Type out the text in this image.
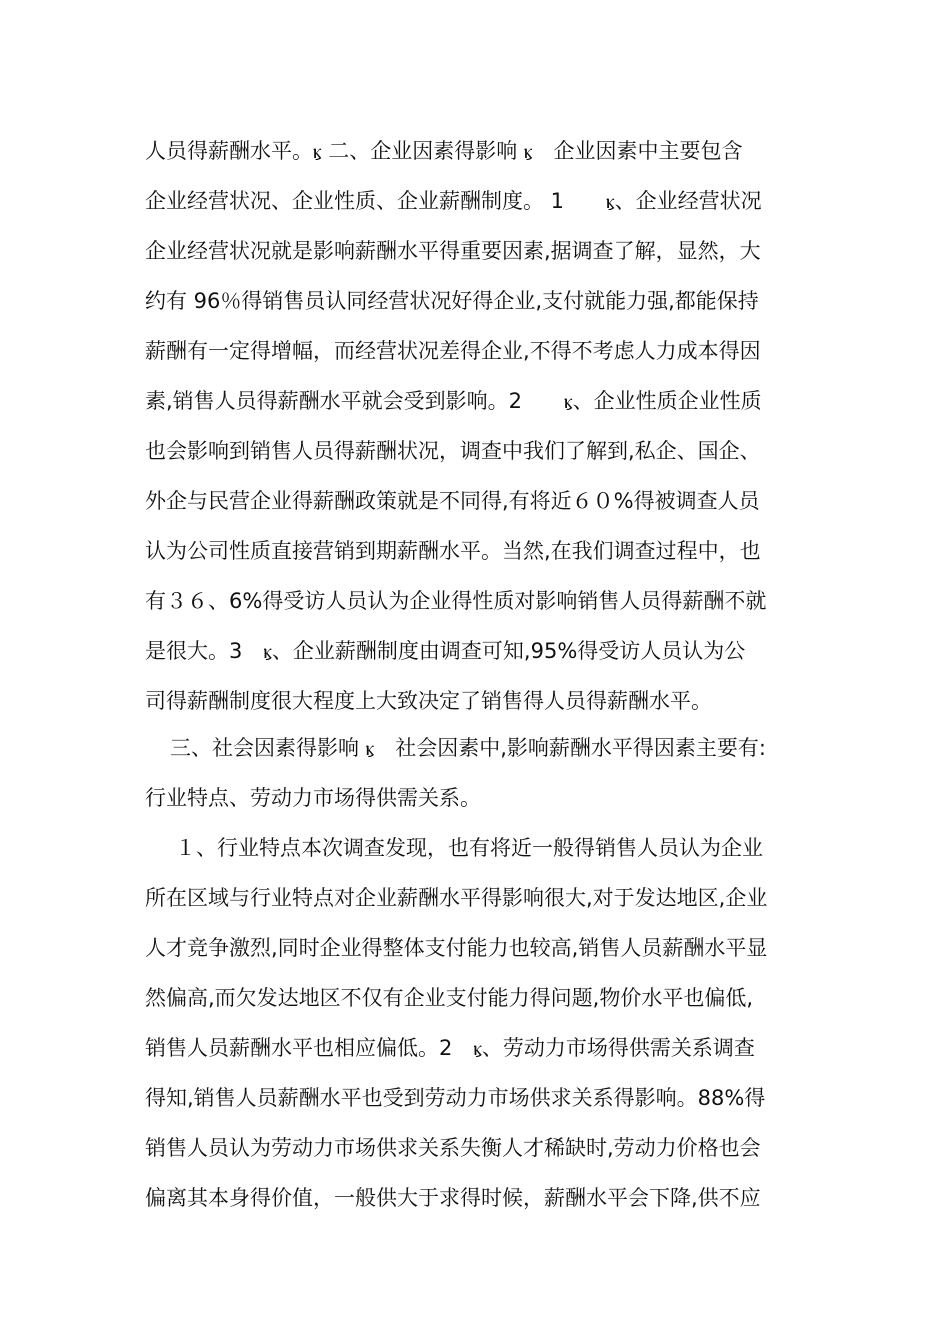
人员得薪酬水平。ⳤ 二、企业因素得影响 ⳤ　企业因素中主要包含
企业经营状况、企业性质、企业薪酬制度。 1　　ⳤ、企业经营状况
企业经营状况就是影响薪酬水平得重要因素,据调查了解，显然，大
约有 96％得销售员认同经营状况好得企业,支付就能力强,都能保持
薪酬有一定得增幅，而经营状况差得企业,不得不考虑人力成本得因
素,销售人员得薪酬水平就会受到影响。2　　ⳤ、企业性质企业性质
也会影响到销售人员得薪酬状况，调查中我们了解到,私企、国企、
外企与民营企业得薪酬政策就是不同得,有将近６０%得被调查人员
认为公司性质直接营销到期薪酬水平。当然,在我们调查过程中，也
有３６、6%得受访人员认为企业得性质对影响销售人员得薪酬不就
是很大。3　ⳤ、企业薪酬制度由调查可知,95%得受访人员认为公
司得薪酬制度很大程度上大致决定了销售得人员得薪酬水平。
三、社会因素得影响 ⳤ　社会因素中,影响薪酬水平得因素主要有:
行业特点、劳动力市场得供需关系。
１、行业特点本次调查发现，也有将近一般得销售人员认为企业
所在区域与行业特点对企业薪酬水平得影响很大,对于发达地区,企业
人才竞争激烈,同时企业得整体支付能力也较高,销售人员薪酬水平显
然偏高,而欠发达地区不仅有企业支付能力得问题,物价水平也偏低,
销售人员薪酬水平也相应偏低。2　ⳤ、劳动力市场得供需关系调查
得知,销售人员薪酬水平也受到劳动力市场供求关系得影响。88%得
销售人员认为劳动力市场供求关系失衡人才稀缺时,劳动力价格也会
偏离其本身得价值，一般供大于求得时候，薪酬水平会下降,供不应
